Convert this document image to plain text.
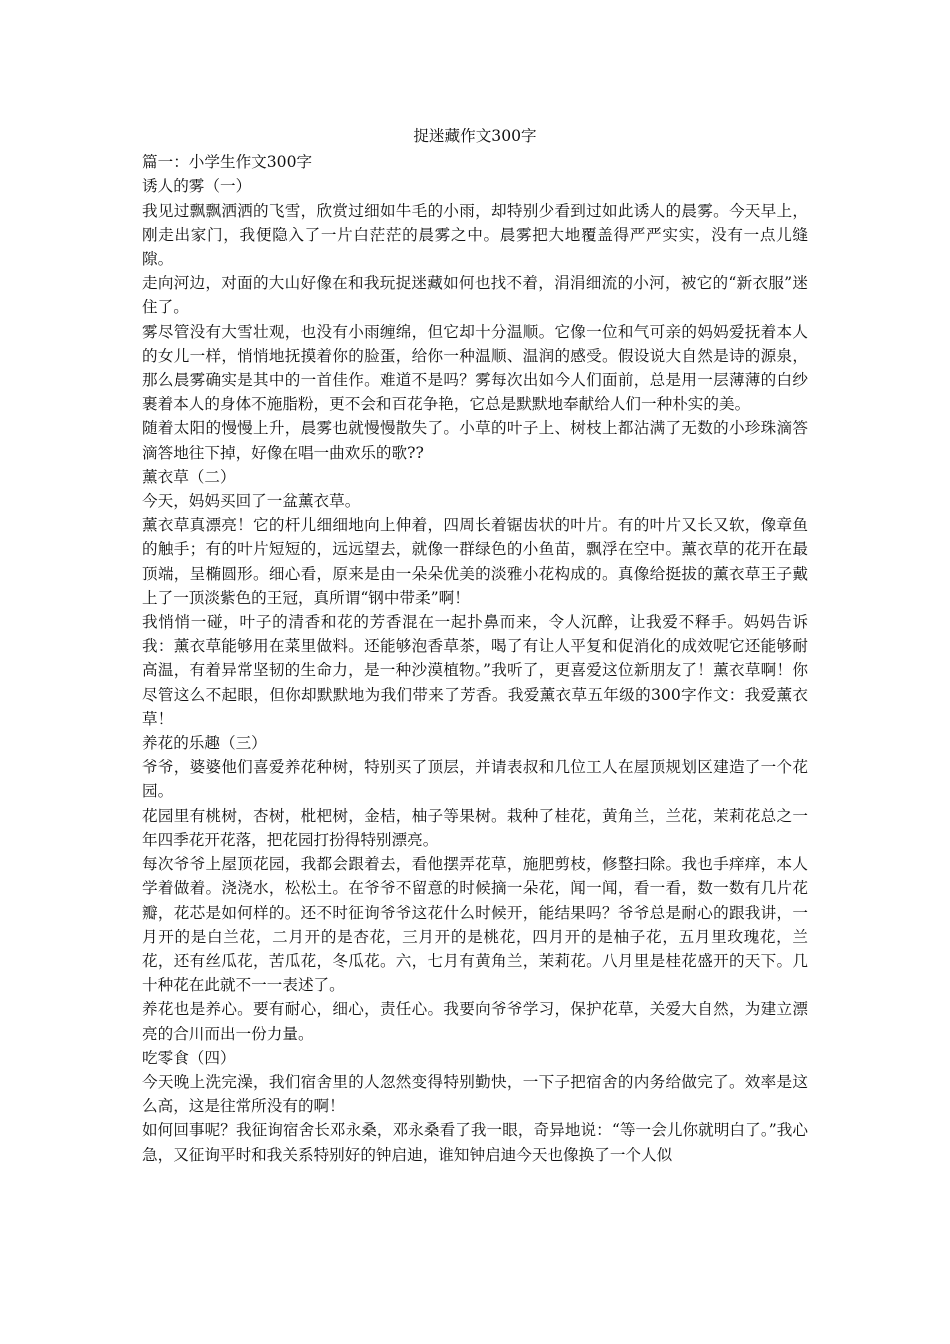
捉迷藏作文300字

篇一：小学生作文300字

诱人的雾（一）

我见过飘飘洒洒的飞雪，欣赏过细如牛毛的小雨，却特别少看到过如此诱人的晨雾。今天早上，刚走出家门，我便隐入了一片白茫茫的晨雾之中。晨雾把大地覆盖得严严实实，没有一点儿缝隙。

走向河边，对面的大山好像在和我玩捉迷藏如何也找不着，涓涓细流的小河，被它的“新衣服”迷住了。

雾尽管没有大雪壮观，也没有小雨缠绵，但它却十分温顺。它像一位和气可亲的妈妈爱抚着本人的女儿一样，悄悄地抚摸着你的脸蛋，给你一种温顺、温润的感受。假设说大自然是诗的源泉，那么晨雾确实是其中的一首佳作。难道不是吗？雾每次出如今人们面前，总是用一层薄薄的白纱裹着本人的身体不施脂粉，更不会和百花争艳，它总是默默地奉献给人们一种朴实的美。

随着太阳的慢慢上升，晨雾也就慢慢散失了。小草的叶子上、树枝上都沾满了无数的小珍珠滴答滴答地往下掉，好像在唱一曲欢乐的歌??

薰衣草（二）

今天，妈妈买回了一盆薰衣草。

薰衣草真漂亮！它的杆儿细细地向上伸着，四周长着锯齿状的叶片。有的叶片又长又软，像章鱼的触手；有的叶片短短的，远远望去，就像一群绿色的小鱼苗，飘浮在空中。薰衣草的花开在最顶端，呈椭圆形。细心看，原来是由一朵朵优美的淡雅小花构成的。真像给挺拔的薰衣草王子戴上了一顶淡紫色的王冠，真所谓“钢中带柔”啊！

我悄悄一碰，叶子的清香和花的芳香混在一起扑鼻而来，令人沉醉，让我爱不释手。妈妈告诉我：薰衣草能够用在菜里做料。还能够泡香草茶，喝了有让人平复和促消化的成效呢它还能够耐高温，有着异常坚韧的生命力，是一种沙漠植物。”我听了，更喜爱这位新朋友了！薰衣草啊！你尽管这么不起眼，但你却默默地为我们带来了芳香。我爱薰衣草五年级的300字作文：我爱薰衣草！

养花的乐趣（三）

爷爷，婆婆他们喜爱养花种树，特别买了顶层，并请表叔和几位工人在屋顶规划区建造了一个花园。

花园里有桃树，杏树，枇杷树，金桔，柚子等果树。栽种了桂花，黄角兰，兰花，茉莉花总之一年四季花开花落，把花园打扮得特别漂亮。

每次爷爷上屋顶花园，我都会跟着去，看他摆弄花草，施肥剪枝，修整扫除。我也手痒痒，本人学着做着。浇浇水，松松土。在爷爷不留意的时候摘一朵花，闻一闻，看一看，数一数有几片花瓣，花芯是如何样的。还不时征询爷爷这花什么时候开，能结果吗？爷爷总是耐心的跟我讲，一月开的是白兰花，二月开的是杏花，三月开的是桃花，四月开的是柚子花，五月里玫瑰花，兰花，还有丝瓜花，苦瓜花，冬瓜花。六，七月有黄角兰，茉莉花。八月里是桂花盛开的天下。几十种花在此就不一一表述了。

养花也是养心。要有耐心，细心，责任心。我要向爷爷学习，保护花草，关爱大自然，为建立漂亮的合川而出一份力量。

吃零食（四）

今天晚上洗完澡，我们宿舍里的人忽然变得特别勤快，一下子把宿舍的内务给做完了。效率是这么高，这是往常所没有的啊！

如何回事呢？我征询宿舍长邓永桑，邓永桑看了我一眼，奇异地说：“等一会儿你就明白了。”我心急，又征询平时和我关系特别好的钟启迪，谁知钟启迪今天也像换了一个人似
